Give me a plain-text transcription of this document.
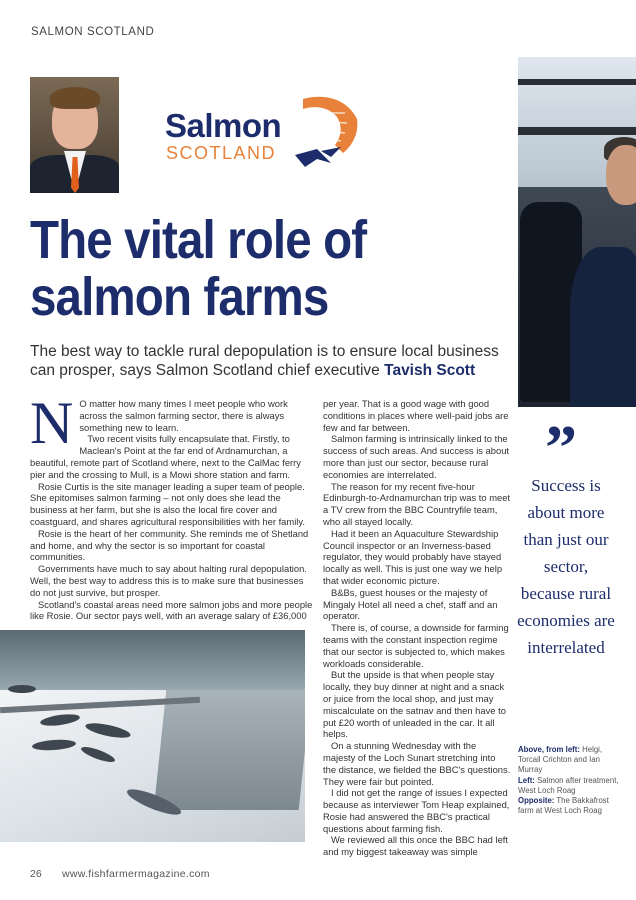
SALMON SCOTLAND
Salmon
SCOTLAND
The vital role of
salmon farms
The best way to tackle rural depopulation is to ensure local business can prosper, says Salmon Scotland chief executive Tavish Scott
N O matter how many times I meet people who work across the salmon farming sector, there is always something new to learn.

Two recent visits fully encapsulate that. Firstly, to Maclean's Point at the far end of Ardnamurchan, a beautiful, remote part of Scotland where, next to the CalMac ferry pier and the crossing to Mull, is a Mowi shore station and farm.

Rosie Curtis is the site manager leading a super team of people. She epitomises salmon farming – not only does she lead the business at her farm, but she is also the local fire cover and coastguard, and shares agricultural responsibilities with her family.

Rosie is the heart of her community. She reminds me of Shetland and home, and why the sector is so important for coastal communities.

Governments have much to say about halting rural depopulation. Well, the best way to address this is to make sure that businesses do not just survive, but prosper.

Scotland's coastal areas need more salmon jobs and more people like Rosie. Our sector pays well, with an average salary of £36,000

per year. That is a good wage with good conditions in places where well-paid jobs are few and far between.

Salmon farming is intrinsically linked to the success of such areas. And success is about more than just our sector, because rural economies are interrelated.

The reason for my recent five-hour Edinburgh-to-Ardnamurchan trip was to meet a TV crew from the BBC Countryfile team, who all stayed locally.

Had it been an Aquaculture Stewardship Council inspector or an Inverness-based regulator, they would probably have stayed locally as well. This is just one way we help that wider economic picture.

B&Bs, guest houses or the majesty of Mingaly Hotel all need a chef, staff and an operator.

There is, of course, a downside for farming teams with the constant inspection regime that our sector is subjected to, which makes workloads considerable.

But the upside is that when people stay locally, they buy dinner at night and a snack or juice from the local shop, and just may miscalculate on the satnav and then have to put £20 worth of unleaded in the car. It all helps.

On a stunning Wednesday with the majesty of the Loch Sunart stretching into the distance, we fielded the BBC's questions. They were fair but pointed.

I did not get the range of issues I expected because as interviewer Tom Heap explained, Rosie had answered the BBC's practical questions about farming fish.

We reviewed all this once the BBC had left and my biggest takeaway was simple

”
Success is about more than just our sector, because rural economies are interrelated
Above, from left: Helgi, Torcail Crichton and Ian Murray
Left: Salmon after treatment, West Loch Roag
Opposite: The Bakkafrost farm at West Loch Roag
26 www.fishfarmermagazine.com
